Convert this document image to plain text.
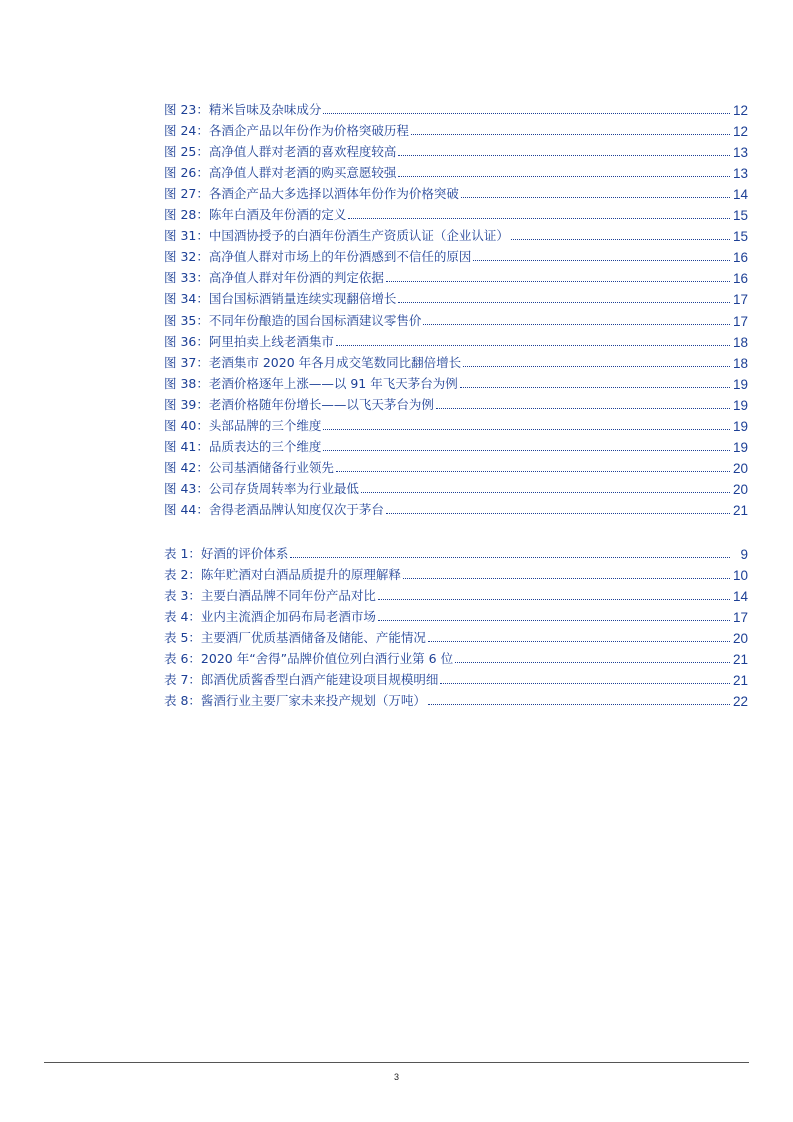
图 23：精米旨味及杂味成分	12
图 24：各酒企产品以年份作为价格突破历程	12
图 25：高净值人群对老酒的喜欢程度较高	13
图 26：高净值人群对老酒的购买意愿较强	13
图 27：各酒企产品大多选择以酒体年份作为价格突破	14
图 28：陈年白酒及年份酒的定义	15
图 31：中国酒协授予的白酒年份酒生产资质认证（企业认证）	15
图 32：高净值人群对市场上的年份酒感到不信任的原因	16
图 33：高净值人群对年份酒的判定依据	16
图 34：国台国标酒销量连续实现翻倍增长	17
图 35：不同年份酿造的国台国标酒建议零售价	17
图 36：阿里拍卖上线老酒集市	18
图 37：老酒集市 2020 年各月成交笔数同比翻倍增长	18
图 38：老酒价格逐年上涨——以 91 年飞天茅台为例	19
图 39：老酒价格随年份增长——以飞天茅台为例	19
图 40：头部品牌的三个维度	19
图 41：品质表达的三个维度	19
图 42：公司基酒储备行业领先	20
图 43：公司存货周转率为行业最低	20
图 44：舍得老酒品牌认知度仅次于茅台	21
表 1：好酒的评价体系	9
表 2：陈年贮酒对白酒品质提升的原理解释	10
表 3：主要白酒品牌不同年份产品对比	14
表 4：业内主流酒企加码布局老酒市场	17
表 5：主要酒厂优质基酒储备及储能、产能情况	20
表 6：2020 年“舍得”品牌价值位列白酒行业第 6 位	21
表 7：郎酒优质酱香型白酒产能建设项目规模明细	21
表 8：酱酒行业主要厂家未来投产规划（万吨）	22
3
